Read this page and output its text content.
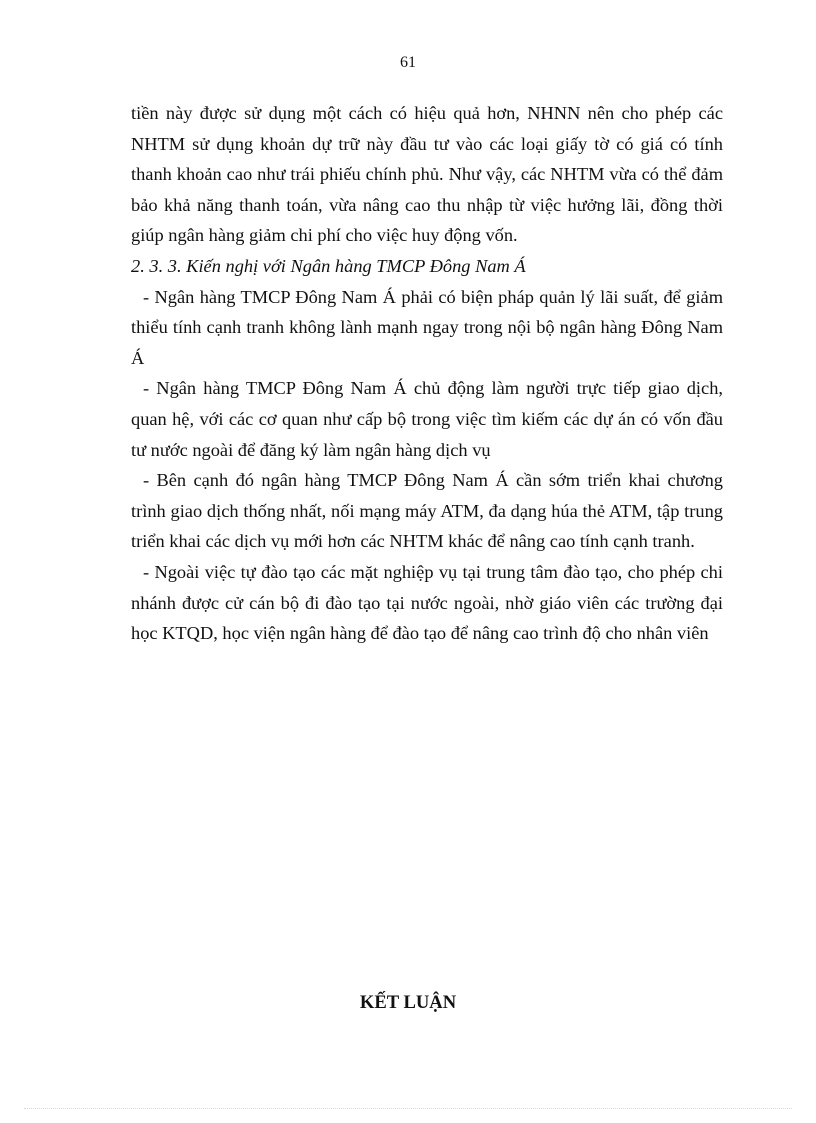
61

tiền này được sử dụng một cách có hiệu quả hơn, NHNN nên cho phép các NHTM sử dụng khoản dự trữ này đầu tư vào các loại giấy tờ có giá có tính thanh khoản cao như trái phiếu chính phủ. Như vậy, các NHTM vừa có thể đảm bảo khả năng thanh toán, vừa nâng cao thu nhập từ việc hưởng lãi, đồng thời giúp ngân hàng giảm chi phí cho việc huy động vốn.

2. 3. 3. Kiến nghị với Ngân hàng TMCP Đông Nam Á

- Ngân hàng TMCP Đông Nam Á phải có biện pháp quản lý lãi suất, để giảm thiểu tính cạnh tranh không lành mạnh ngay trong nội bộ ngân hàng Đông Nam Á

- Ngân hàng TMCP Đông Nam Á chủ động làm người trực tiếp giao dịch, quan hệ, với các cơ quan như cấp bộ trong việc tìm kiếm các dự án có vốn đầu tư nước ngoài để đăng ký làm ngân hàng dịch vụ

- Bên cạnh đó ngân hàng TMCP Đông Nam Á cần sớm triển khai chương trình giao dịch thống nhất, nối mạng máy ATM, đa dạng húa thẻ ATM, tập trung triển khai các dịch vụ mới hơn các NHTM khác để nâng cao tính cạnh tranh.

- Ngoài việc tự đào tạo các mặt nghiệp vụ tại trung tâm đào tạo, cho phép chi nhánh được cử cán bộ đi đào tạo tại nước ngoài, nhờ giáo viên các trường đại học KTQD, học viện ngân hàng để đào tạo để nâng cao trình độ cho nhân viên

KẾT LUẬN
